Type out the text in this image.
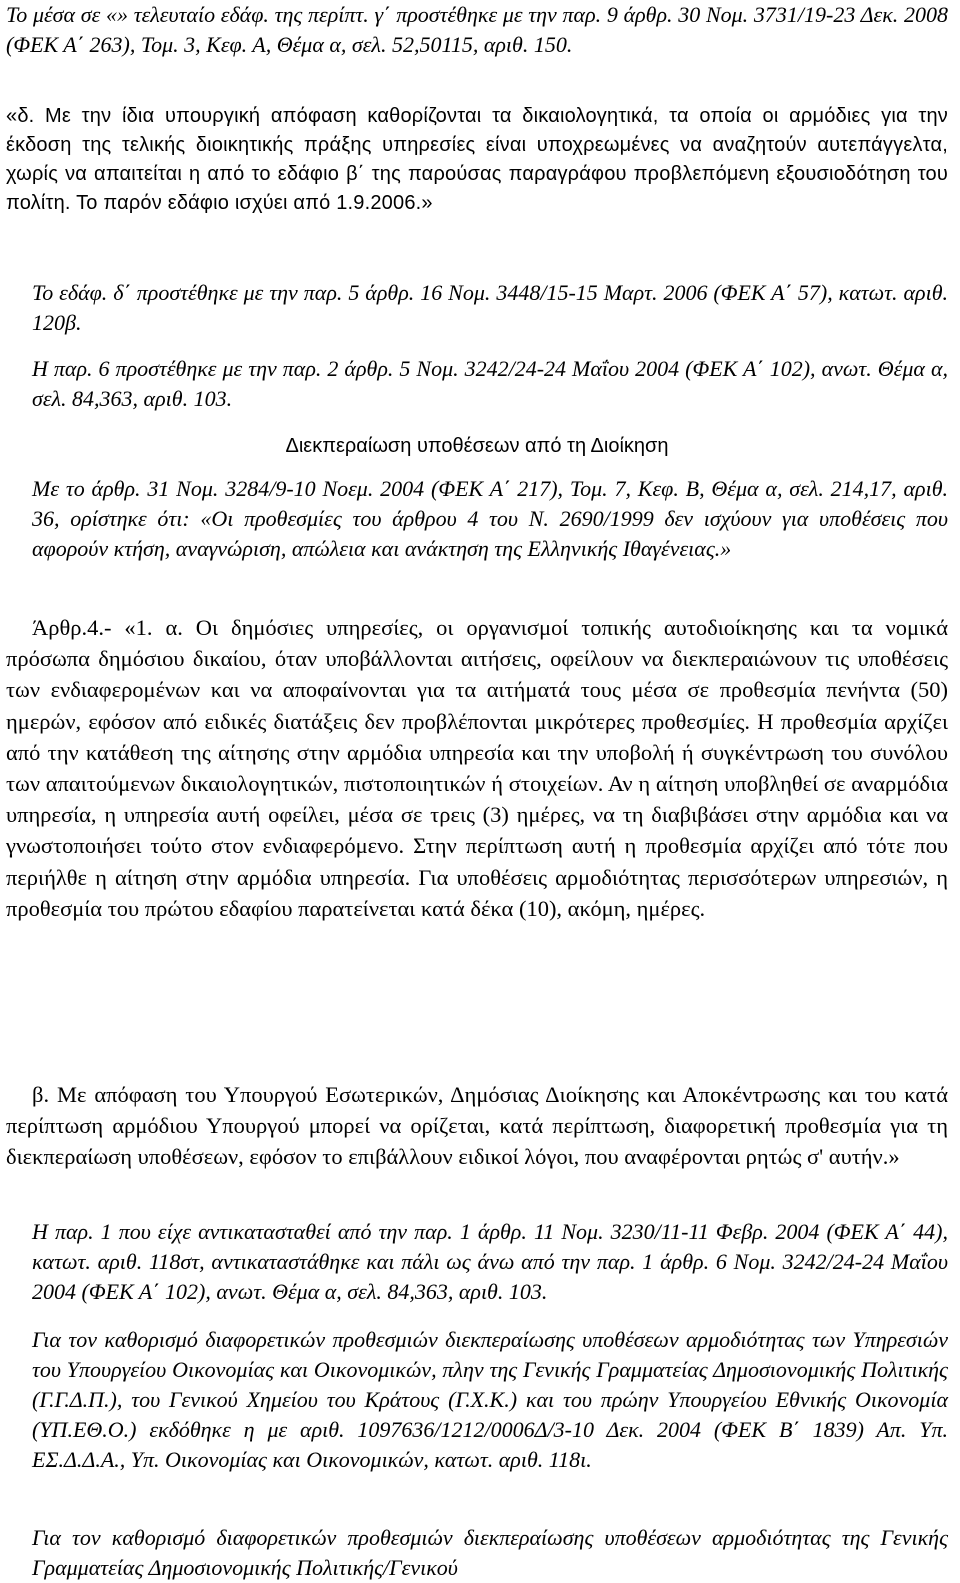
Το μέσα σε «» τελευταίο εδάφ. της περίπτ. γ΄ προστέθηκε με την παρ. 9 άρθρ. 30 Νομ. 3731/19-23 Δεκ. 2008 (ΦΕΚ Α΄ 263), Τομ. 3, Κεφ. Α, Θέμα α, σελ. 52,50115, αριθ. 150.

«δ. Με την ίδια υπουργική απόφαση καθορίζονται τα δικαιολογητικά, τα οποία οι αρμόδιες για την έκδοση της τελικής διοικητικής πράξης υπηρεσίες είναι υποχρεωμένες να αναζητούν αυτεπάγγελτα, χωρίς να απαιτείται η από το εδάφιο β΄ της παρούσας παραγράφου προβλεπόμενη εξουσιοδότηση του πολίτη. Το παρόν εδάφιο ισχύει από 1.9.2006.»

Το εδάφ. δ΄ προστέθηκε με την παρ. 5 άρθρ. 16 Νομ. 3448/15-15 Μαρτ. 2006 (ΦΕΚ Α΄ 57), κατωτ. αριθ. 120β.

Η παρ. 6 προστέθηκε με την παρ. 2 άρθρ. 5 Νομ. 3242/24-24 Μαΐου 2004 (ΦΕΚ Α΄ 102), ανωτ. Θέμα α, σελ. 84,363, αριθ. 103.

Διεκπεραίωση υποθέσεων από τη Διοίκηση

Με το άρθρ. 31 Νομ. 3284/9-10 Νοεμ. 2004 (ΦΕΚ Α΄ 217), Τομ. 7, Κεφ. Β, Θέμα α, σελ. 214,17, αριθ. 36, ορίστηκε ότι: «Οι προθεσμίες του άρθρου 4 του Ν. 2690/1999 δεν ισχύουν για υποθέσεις που αφορούν κτήση, αναγνώριση, απώλεια και ανάκτηση της Ελληνικής Ιθαγένειας.»

Άρθρ.4.- «1. α. Οι δημόσιες υπηρεσίες, οι οργανισμοί τοπικής αυτοδιοίκησης και τα νομικά πρόσωπα δημόσιου δικαίου, όταν υποβάλλονται αιτήσεις, οφείλουν να διεκπεραιώνουν τις υποθέσεις των ενδιαφερομένων και να αποφαίνονται για τα αιτήματά τους μέσα σε προθεσμία πενήντα (50) ημερών, εφόσον από ειδικές διατάξεις δεν προβλέπονται μικρότερες προθεσμίες. Η προθεσμία αρχίζει από την κατάθεση της αίτησης στην αρμόδια υπηρεσία και την υποβολή ή συγκέντρωση του συνόλου των απαιτούμενων δικαιολογητικών, πιστοποιητικών ή στοιχείων. Αν η αίτηση υποβληθεί σε αναρμόδια υπηρεσία, η υπηρεσία αυτή οφείλει, μέσα σε τρεις (3) ημέρες, να τη διαβιβάσει στην αρμόδια και να γνωστοποιήσει τούτο στον ενδιαφερόμενο. Στην περίπτωση αυτή η προθεσμία αρχίζει από τότε που περιήλθε η αίτηση στην αρμόδια υπηρεσία. Για υποθέσεις αρμοδιότητας περισσότερων υπηρεσιών, η προθεσμία του πρώτου εδαφίου παρατείνεται κατά δέκα (10), ακόμη, ημέρες.

β. Με απόφαση του Υπουργού Εσωτερικών, Δημόσιας Διοίκησης και Αποκέντρωσης και του κατά περίπτωση αρμόδιου Υπουργού μπορεί να ορίζεται, κατά περίπτωση, διαφορετική προθεσμία για τη διεκπεραίωση υποθέσεων, εφόσον το επιβάλλουν ειδικοί λόγοι, που αναφέρονται ρητώς σ' αυτήν.»

Η παρ. 1 που είχε αντικατασταθεί από την παρ. 1 άρθρ. 11 Νομ. 3230/11-11 Φεβρ. 2004 (ΦΕΚ Α΄ 44), κατωτ. αριθ. 118στ, αντικαταστάθηκε και πάλι ως άνω από την παρ. 1 άρθρ. 6 Νομ. 3242/24-24 Μαΐου 2004 (ΦΕΚ Α΄ 102), ανωτ. Θέμα α, σελ. 84,363, αριθ. 103.

Για τον καθορισμό διαφορετικών προθεσμιών διεκπεραίωσης υποθέσεων αρμοδιότητας των Υπηρεσιών του Υπουργείου Οικονομίας και Οικονομικών, πλην της Γενικής Γραμματείας Δημοσιονομικής Πολιτικής (Γ.Γ.Δ.Π.), του Γενικού Χημείου του Κράτους (Γ.Χ.Κ.) και του πρώην Υπουργείου Εθνικής Οικονομία (ΥΠ.ΕΘ.Ο.) εκδόθηκε η με αριθ. 1097636/1212/0006Δ/3-10 Δεκ. 2004 (ΦΕΚ Β΄ 1839) Απ. Υπ. ΕΣ.Δ.Δ.Α., Υπ. Οικονομίας και Οικονομικών, κατωτ. αριθ. 118ι.

Για τον καθορισμό διαφορετικών προθεσμιών διεκπεραίωσης υποθέσεων αρμοδιότητας της Γενικής Γραμματείας Δημοσιονομικής Πολιτικής/Γενικού
